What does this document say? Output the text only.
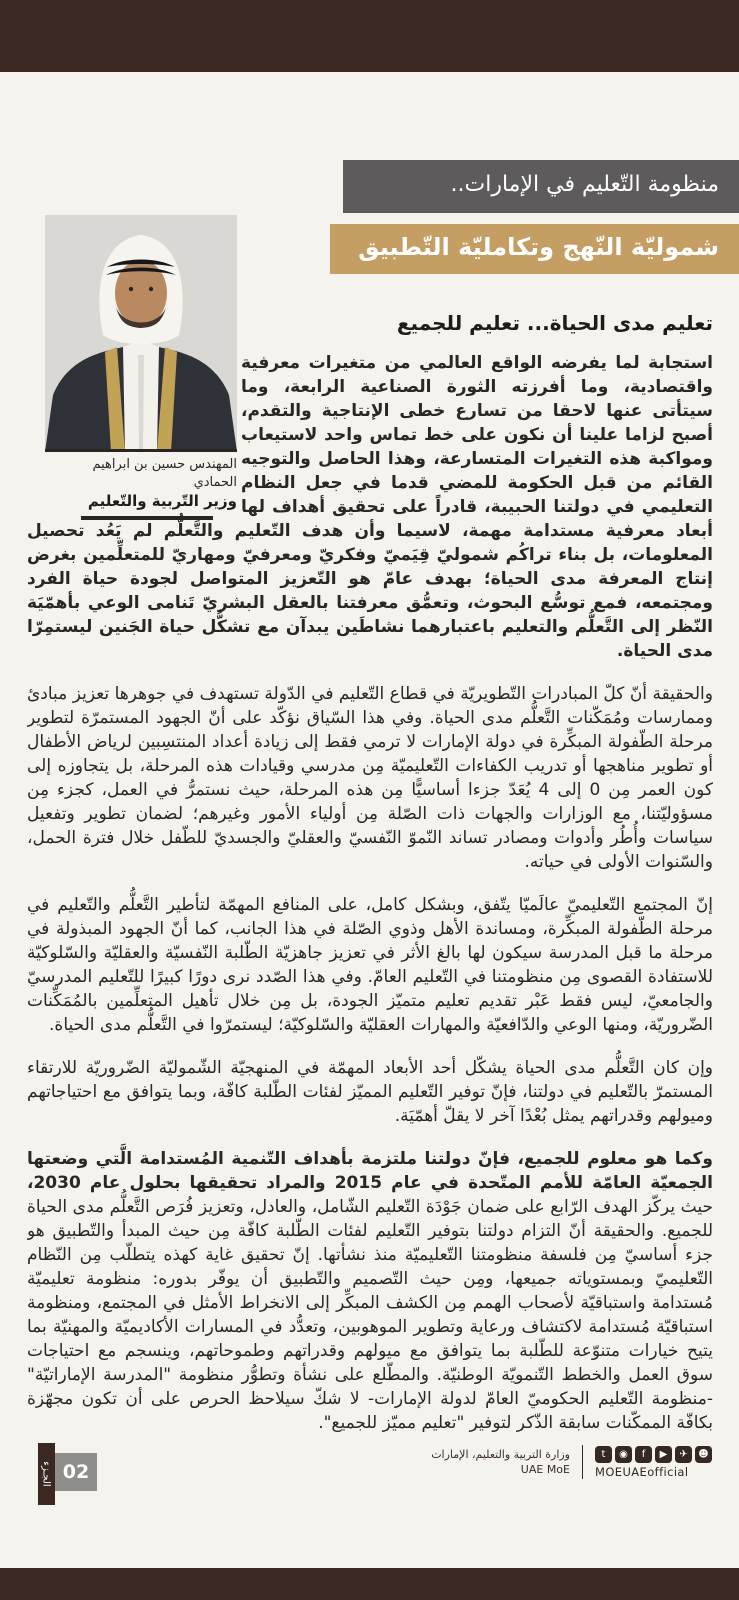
منظومة التّعليم في الإمارات..
شموليّة النّهج وتكامليّة التّطبيق
المهندس حسين بن ابراهيم الحمادي
وزير التّربية والتّعليم
تعليم مدى الحياة... تعليم للجميع

استجابة لما يفرضه الواقع العالمي من متغيرات معرفية واقتصادية، وما أفرزته الثورة الصناعية الرابعة، وما سيتأتى عنها لاحقا من تسارع خطى الإنتاجية والتقدم، أصبح لزاما علينا أن نكون على خط تماس واحد لاستيعاب ومواكبة هذه التغيرات المتسارعة، وهذا الحاصل والتوجيه القائم من قبل الحكومة للمضي قدما في جعل النظام التعليمي في دولتنا الحبيبة، قادراً على تحقيق أهداف لها أبعاد معرفية مستدامة مهمة، لاسيما وأن هدف التّعليم والتَّعلُّم لم يَعُد تحصيل المعلومات، بل بناء تراكُم شموليّ قِيَميّ وفكريّ ومعرفيّ ومهاريّ للمتعلِّمين بغرض إنتاج المعرفة مدى الحياة؛ بهدف عامّ هو التّعزيز المتواصل لجودة حياة الفرد ومجتمعه، فمع توسُّع البحوث، وتعمُّق معرفتنا بالعقل البشريّ تَنامى الوعي بأهمّيَة النّظر إلى التَّعلُّم والتعليم باعتبارهما نشاطَين يبدآن مع تشكُّل حياة الجَنين ليستمِرّا مدى الحياة.

والحقيقة أنّ كلّ المبادرات التّطويريّة في قطاع التّعليم في الدّولة تستهدف في جوهرها تعزيز مبادئ وممارسات ومُمَكّنات التَّعلُّم مدى الحياة. وفي هذا السّياق نؤكّد على أنّ الجهود المستمرّة لتطوير مرحلة الطّفولة المبكِّرة في دولة الإمارات لا ترمي فقط إلى زيادة أعداد المنتسِبين لرياض الأطفال أو تطوير مناهجها أو تدريب الكفاءات التّعليميّة مِن مدرسي وقيادات هذه المرحلة، بل يتجاوزه إلى كون العمر مِن 0 إلى 4 يُعَدّ جزءا أساسيًّا مِن هذه المرحلة، حيث نستمرُّ في العمل، كجزء مِن مسؤوليّتنا، مع الوزارات والجهات ذات الصّلة مِن أولياء الأمور وغيرهم؛ لضمان تطوير وتفعيل سياسات وأُطُر وأدوات ومصادر تساند النّموّ النّفسيّ والعقليّ والجسديّ للطّفل خلال فترة الحمل، والسّنوات الأولى في حياته.

إنّ المجتمع التّعليميّ عالَميّا يتّفق، وبشكل كامل، على المنافع المهمّة لتأطير التَّعلُّم والتّعليم في مرحلة الطّفولة المبكِّرة، ومساندة الأهل وذوي الصّلة في هذا الجانب، كما أنّ الجهود المبذولة في مرحلة ما قبل المدرسة سيكون لها بالغ الأثر في تعزيز جاهزيّة الطّلبة النّفسيّة والعقليّة والسّلوكيّة للاستفادة القصوى مِن منظومتنا في التّعليم العامّ. وفي هذا الصّدد نرى دورًا كبيرًا للتّعليم المدرسيّ والجامعيّ، ليس فقط عَبْر تقديم تعليم متميّز الجودة، بل مِن خلال تأهيل المتعلِّمين بالمُمَكِّنات الضّروريّة، ومنها الوعي والدّافعيّة والمهارات العقليّة والسّلوكيّة؛ ليستمرّوا في التَّعلُّم مدى الحياة.

وإن كان التَّعلُّم مدى الحياة يشكّل أحد الأبعاد المهمّة في المنهجيّة الشّموليّة الضّروريّة للارتقاء المستمرّ بالتّعليم في دولتنا، فإنّ توفير التّعليم المميّز لفئات الطّلبة كافّة، وبما يتوافق مع احتياجاتهم وميولهم وقدراتهم يمثل بُعْدًا آخر لا يقلّ أهمّيَة.

وكما هو معلوم للجميع، فإنّ دولتنا ملتزمة بأهداف التّنمية المُستدامة الَّتي وضعتها الجمعيّة العامّة للأمم المتّحدة في عام 2015 والمراد تحقيقها بحلول عام 2030، حيث يركّز الهدف الرّابع على ضمان جَوْدَة التّعليم الشّامل، والعادل، وتعزيز فُرَص التَّعلُّم مدى الحياة للجميع. والحقيقة أنّ التزام دولتنا بتوفير التّعليم لفئات الطّلبة كافّة مِن حيث المبدأ والتّطبيق هو جزء أساسيّ مِن فلسفة منظومتنا التّعليميّة منذ نشأتها. إنّ تحقيق غاية كهذه يتطلّب مِن النّظام التّعليميّ وبمستوياته جميعها، ومِن حيث التّصميم والتّطبيق أن يوفّر بدوره: منظومة تعليميّة مُستدامة واستباقيّة لأصحاب الهمم مِن الكشف المبكِّر إلى الانخراط الأمثل في المجتمع، ومنظومة استباقيّة مُستدامة لاكتشاف ورعاية وتطوير الموهوبين، وتعدُّد في المسارات الأكاديميّة والمهنيّة بما يتيح خيارات متنوّعة للطّلبة بما يتوافق مع ميولهم وقدراتهم وطموحاتهم، وينسجم مع احتياجات سوق العمل والخطط التّنمويّة الوطنيّة. والمطّلع على نشأة وتطوُّر منظومة "المدرسة الإماراتيّة" -منظومة التّعليم الحكوميّ العامّ لدولة الإمارات- لا شكّ سيلاحظ الحرص على أن تكون مجهّزة بكافّة الممكّنات سابقة الذّكر لتوفير "تعليم مميّز للجميع".

02
الجـزء
وزارة التربية والتعليم، الإمارات
UAE MoE
t	◉	f	▶	✈	☻
MOEUAEofficial
